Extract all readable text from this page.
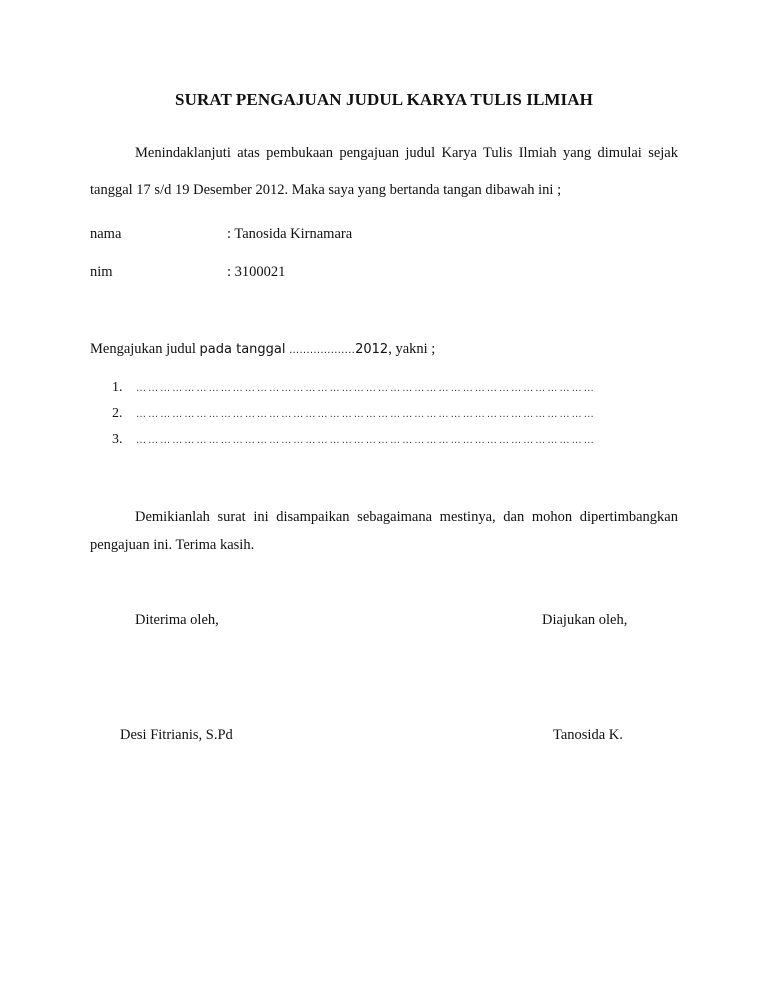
SURAT PENGAJUAN JUDUL KARYA TULIS ILMIAH
Menindaklanjuti atas pembukaan pengajuan judul Karya Tulis Ilmiah yang dimulai sejak
tanggal 17 s/d 19 Desember 2012. Maka saya yang bertanda tangan dibawah ini ;
nama	: Tanosida Kirnamara
nim	: 3100021
Mengajukan judul pada tanggal …................2012, yakni ;
1.	……………………………………………………………………………………………………
2.	……………………………………………………………………………………………………
3.	……………………………………………………………………………………………………
Demikianlah surat ini disampaikan sebagaimana mestinya, dan mohon dipertimbangkan
pengajuan ini. Terima kasih.
Diterima oleh,	Diajukan oleh,
Desi Fitrianis, S.Pd	Tanosida K.
